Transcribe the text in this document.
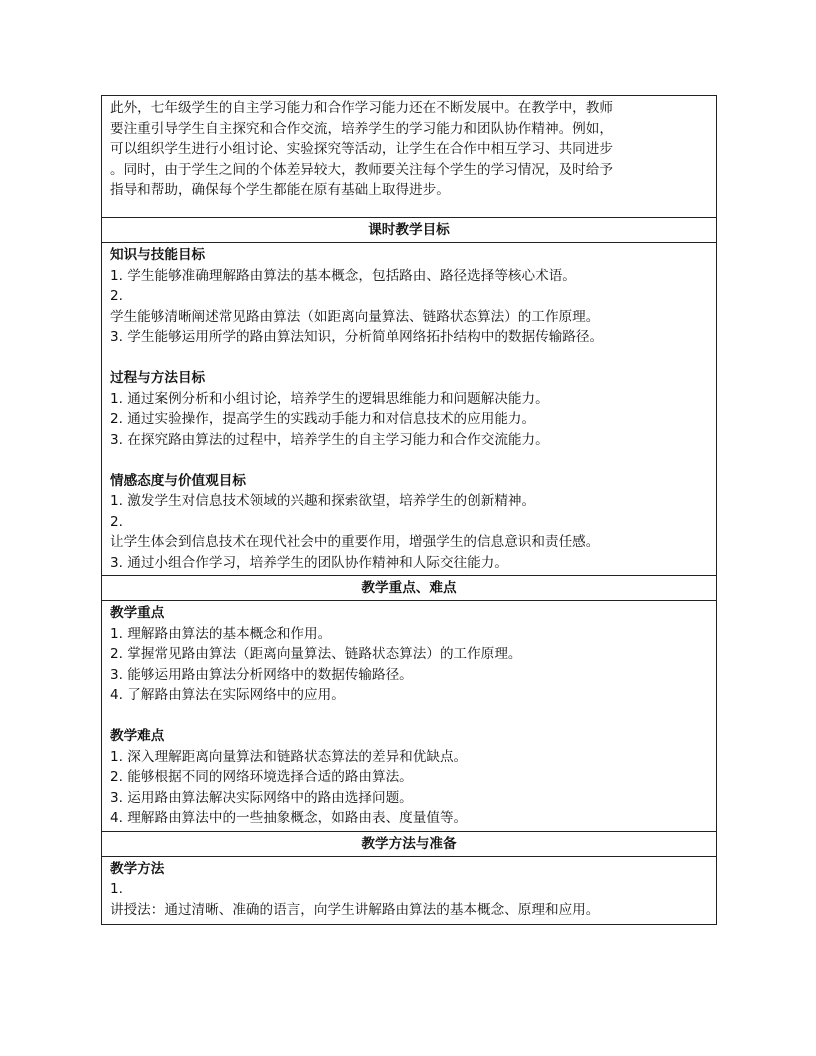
此外，七年级学生的自主学习能力和合作学习能力还在不断发展中。在教学中，教师
要注重引导学生自主探究和合作交流，培养学生的学习能力和团队协作精神。例如，
可以组织学生进行小组讨论、实验探究等活动，让学生在合作中相互学习、共同进步
。同时，由于学生之间的个体差异较大，教师要关注每个学生的学习情况，及时给予
指导和帮助，确保每个学生都能在原有基础上取得进步。

课时教学目标

知识与技能目标
1. 学生能够准确理解路由算法的基本概念，包括路由、路径选择等核心术语。
2.
学生能够清晰阐述常见路由算法（如距离向量算法、链路状态算法）的工作原理。
3. 学生能够运用所学的路由算法知识，分析简单网络拓扑结构中的数据传输路径。
过程与方法目标
1. 通过案例分析和小组讨论，培养学生的逻辑思维能力和问题解决能力。
2. 通过实验操作，提高学生的实践动手能力和对信息技术的应用能力。
3. 在探究路由算法的过程中，培养学生的自主学习能力和合作交流能力。
情感态度与价值观目标
1. 激发学生对信息技术领域的兴趣和探索欲望，培养学生的创新精神。
2.
让学生体会到信息技术在现代社会中的重要作用，增强学生的信息意识和责任感。
3. 通过小组合作学习，培养学生的团队协作精神和人际交往能力。

教学重点、难点

教学重点
1. 理解路由算法的基本概念和作用。
2. 掌握常见路由算法（距离向量算法、链路状态算法）的工作原理。
3. 能够运用路由算法分析网络中的数据传输路径。
4. 了解路由算法在实际网络中的应用。
教学难点
1. 深入理解距离向量算法和链路状态算法的差异和优缺点。
2. 能够根据不同的网络环境选择合适的路由算法。
3. 运用路由算法解决实际网络中的路由选择问题。
4. 理解路由算法中的一些抽象概念，如路由表、度量值等。

教学方法与准备

教学方法
1.
讲授法：通过清晰、准确的语言，向学生讲解路由算法的基本概念、原理和应用。
